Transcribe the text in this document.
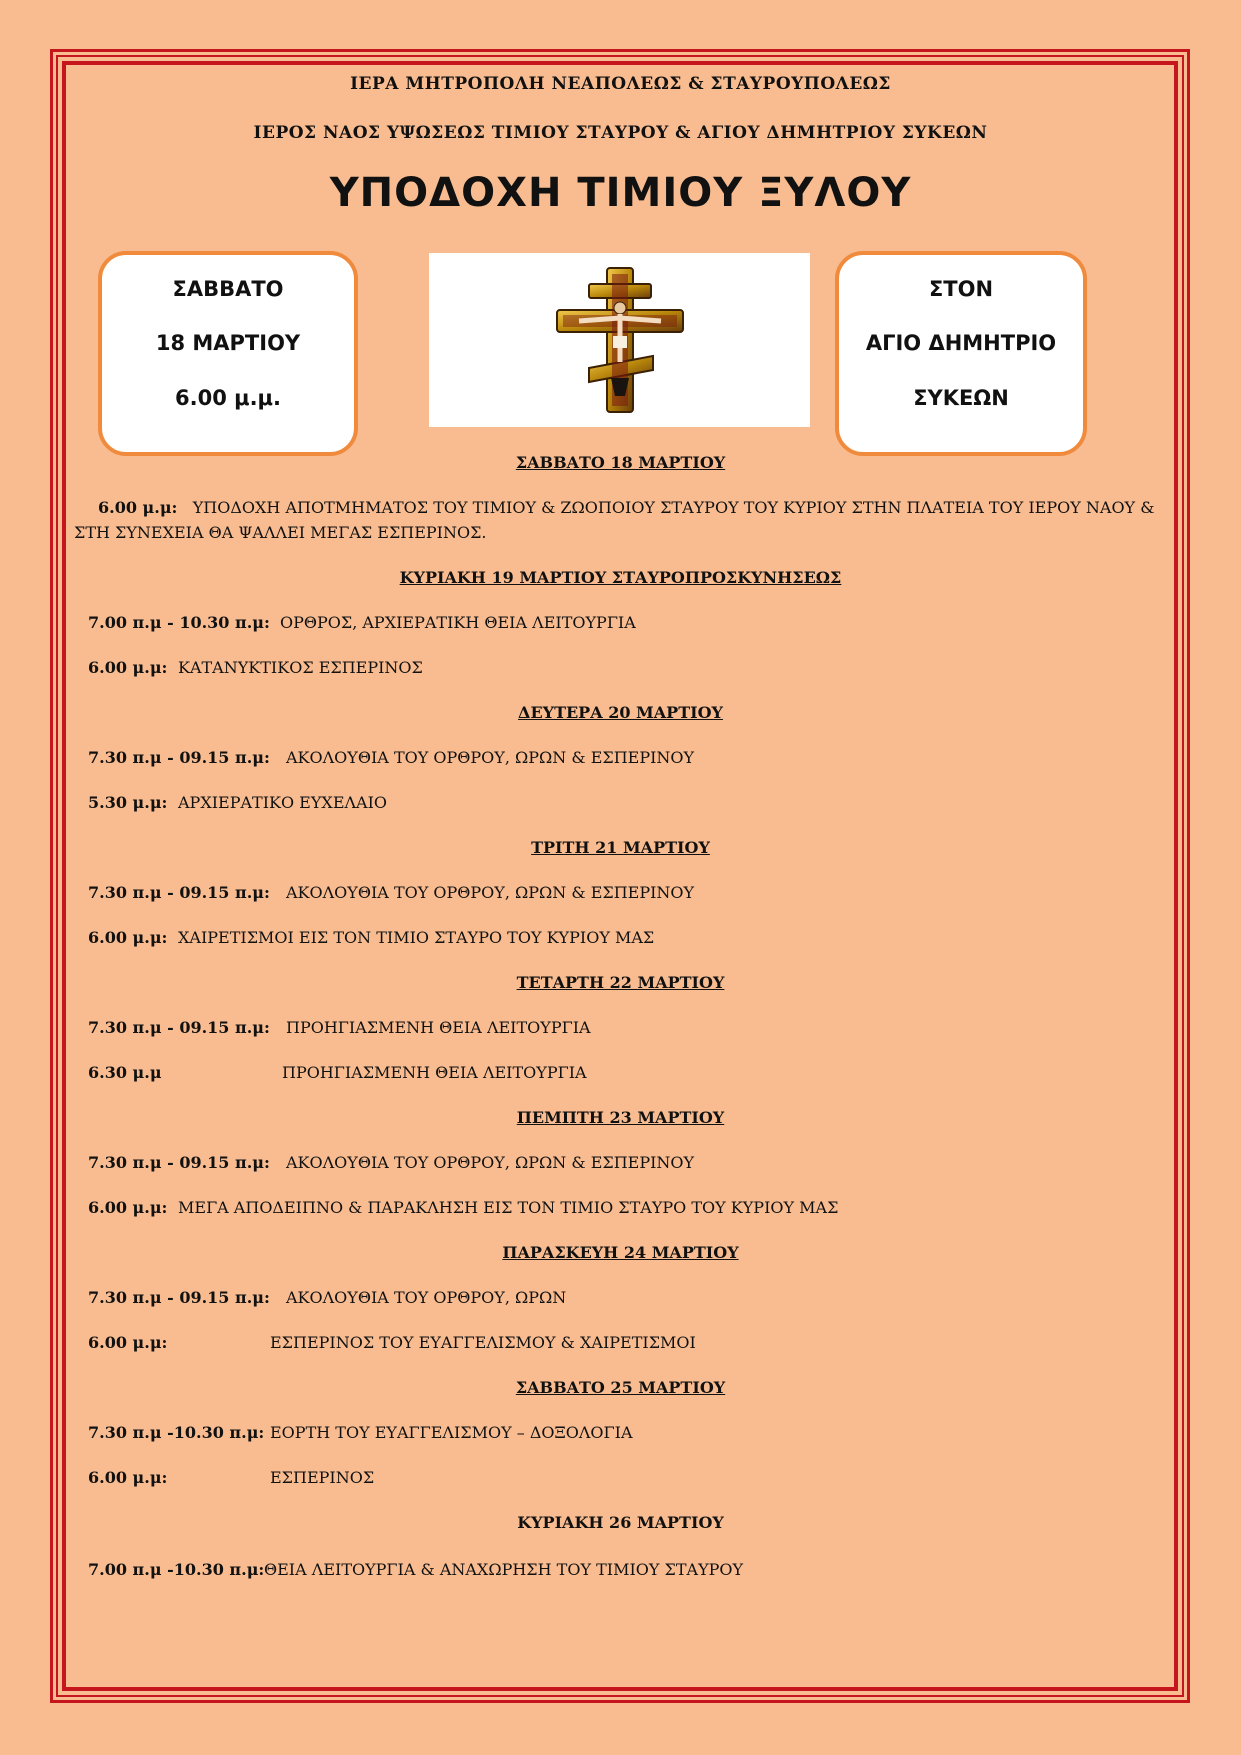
ΙΕΡΑ ΜΗΤΡΟΠΟΛΗ ΝΕΑΠΟΛΕΩΣ & ΣΤΑΥΡΟΥΠΟΛΕΩΣ
ΙΕΡΟΣ ΝΑΟΣ ΥΨΩΣΕΩΣ ΤΙΜΙΟΥ ΣΤΑΥΡΟΥ & ΑΓΙΟΥ ΔΗΜΗΤΡΙΟΥ ΣΥΚΕΩΝ
ΥΠΟΔΟΧΗ ΤΙΜΙΟΥ ΞΥΛΟΥ
ΣΑΒΒΑΤΟ
18 ΜΑΡΤΙΟΥ
6.00 μ.μ.
ΣΤΟΝ
ΑΓΙΟ ΔΗΜΗΤΡΙΟ
ΣΥΚΕΩΝ
ΣΑΒΒΑΤΟ 18 ΜΑΡΤΙΟΥ
6.00 μ.μ: ΥΠΟΔΟΧΗ ΑΠΟΤΜΗΜΑΤΟΣ ΤΟΥ ΤΙΜΙΟΥ & ΖΩΟΠΟΙΟΥ ΣΤΑΥΡΟΥ ΤΟΥ ΚΥΡΙΟΥ ΣΤΗΝ ΠΛΑΤΕΙΑ ΤΟΥ ΙΕΡΟΥ ΝΑΟΥ & ΣΤΗ ΣΥΝΕΧΕΙΑ ΘΑ ΨΑΛΛΕΙ ΜΕΓΑΣ ΕΣΠΕΡΙΝΟΣ.
ΚΥΡΙΑΚΗ 19 ΜΑΡΤΙΟΥ ΣΤΑΥΡΟΠΡΟΣΚΥΝΗΣΕΩΣ
7.00 π.μ - 10.30 π.μ: ΟΡΘΡΟΣ, ΑΡΧΙΕΡΑΤΙΚΗ ΘΕΙΑ ΛΕΙΤΟΥΡΓΙΑ
6.00 μ.μ: ΚΑΤΑΝΥΚΤΙΚΟΣ ΕΣΠΕΡΙΝΟΣ
ΔΕΥΤΕΡΑ 20 ΜΑΡΤΙΟΥ
7.30 π.μ - 09.15 π.μ: ΑΚΟΛΟΥΘΙΑ ΤΟΥ ΟΡΘΡΟΥ, ΩΡΩΝ & ΕΣΠΕΡΙΝΟΥ
5.30 μ.μ: ΑΡΧΙΕΡΑΤΙΚΟ ΕΥΧΕΛΑΙΟ
ΤΡΙΤΗ 21 ΜΑΡΤΙΟΥ
7.30 π.μ - 09.15 π.μ: ΑΚΟΛΟΥΘΙΑ ΤΟΥ ΟΡΘΡΟΥ, ΩΡΩΝ & ΕΣΠΕΡΙΝΟΥ
6.00 μ.μ: ΧΑΙΡΕΤΙΣΜΟΙ ΕΙΣ ΤΟΝ ΤΙΜΙΟ ΣΤΑΥΡΟ ΤΟΥ ΚΥΡΙΟΥ ΜΑΣ
ΤΕΤΑΡΤΗ 22 ΜΑΡΤΙΟΥ
7.30 π.μ - 09.15 π.μ: ΠΡΟΗΓΙΑΣΜΕΝΗ ΘΕΙΑ ΛΕΙΤΟΥΡΓΙΑ
6.30 μ.μ	ΠΡΟΗΓΙΑΣΜΕΝΗ ΘΕΙΑ ΛΕΙΤΟΥΡΓΙΑ
ΠΕΜΠΤΗ 23 ΜΑΡΤΙΟΥ
7.30 π.μ - 09.15 π.μ: ΑΚΟΛΟΥΘΙΑ ΤΟΥ ΟΡΘΡΟΥ, ΩΡΩΝ & ΕΣΠΕΡΙΝΟΥ
6.00 μ.μ: ΜΕΓΑ ΑΠΟΔΕΙΠΝΟ & ΠΑΡΑΚΛΗΣΗ ΕΙΣ ΤΟΝ ΤΙΜΙΟ ΣΤΑΥΡΟ ΤΟΥ ΚΥΡΙΟΥ ΜΑΣ
ΠΑΡΑΣΚΕΥΗ 24 ΜΑΡΤΙΟΥ
7.30 π.μ - 09.15 π.μ: ΑΚΟΛΟΥΘΙΑ ΤΟΥ ΟΡΘΡΟΥ, ΩΡΩΝ
6.00 μ.μ:	ΕΣΠΕΡΙΝΟΣ ΤΟΥ ΕΥΑΓΓΕΛΙΣΜΟΥ & ΧΑΙΡΕΤΙΣΜΟΙ
ΣΑΒΒΑΤΟ 25 ΜΑΡΤΙΟΥ
7.30 π.μ -10.30 π.μ: ΕΟΡΤΗ ΤΟΥ ΕΥΑΓΓΕΛΙΣΜΟΥ – ΔΟΞΟΛΟΓΙΑ
6.00 μ.μ:	ΕΣΠΕΡΙΝΟΣ
ΚΥΡΙΑΚΗ 26 ΜΑΡΤΙΟΥ
7.00 π.μ -10.30 π.μ: ΘΕΙΑ ΛΕΙΤΟΥΡΓΙΑ & ΑΝΑΧΩΡΗΣΗ ΤΟΥ ΤΙΜΙΟΥ ΣΤΑΥΡΟΥ
